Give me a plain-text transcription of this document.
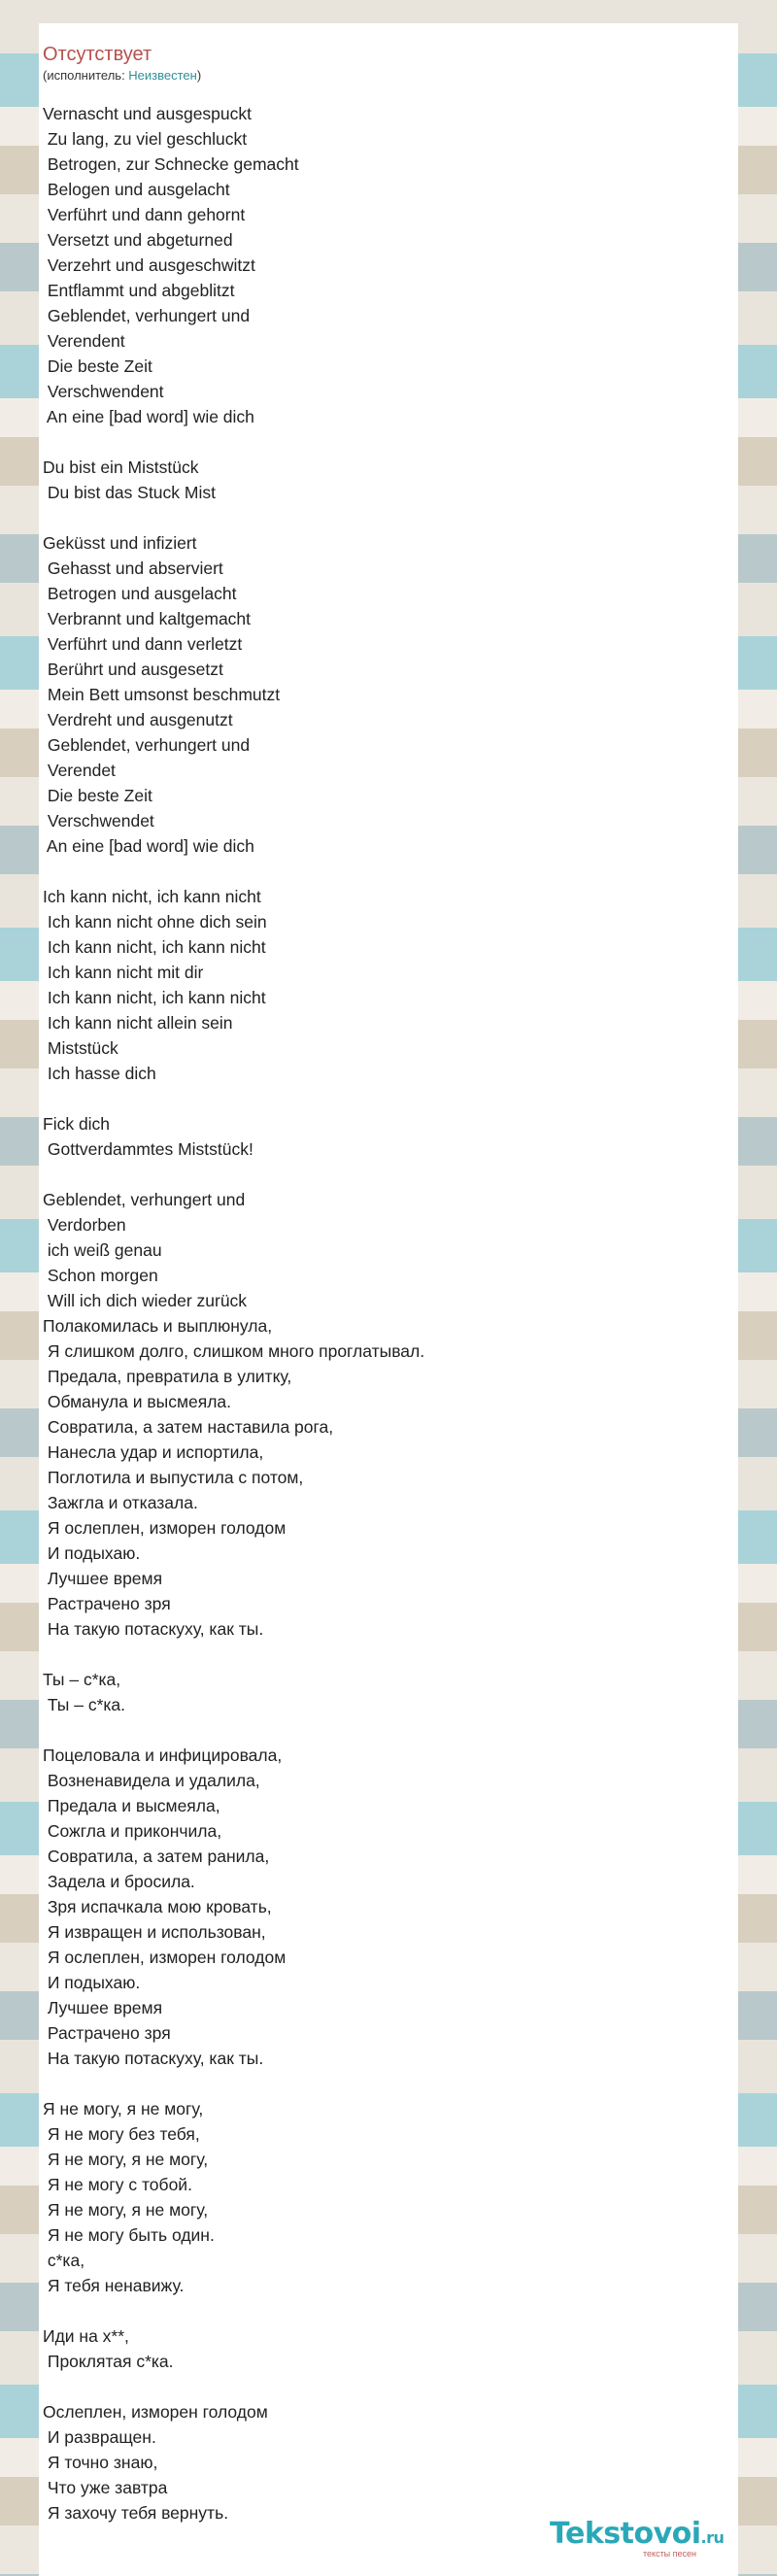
Отсутствует
(исполнитель: Неизвестен)
Vernascht und ausgespuckt
Zu lang, zu viel geschluckt
Betrogen, zur Schnecke gemacht
Belogen und ausgelacht
Verführt und dann gehornt
Versetzt und abgeturned
Verzehrt und ausgeschwitzt
Entflammt und abgeblitzt
Geblendet, verhungert und
Verendent
Die beste Zeit
Verschwendent
An eine [bad word] wie dich
Du bist ein Miststück
Du bist das Stuck Mist
Geküsst und infiziert
Gehasst und abserviert
Betrogen und ausgelacht
Verbrannt und kaltgemacht
Verführt und dann verletzt
Berührt und ausgesetzt
Mein Bett umsonst beschmutzt
Verdreht und ausgenutzt
Geblendet, verhungert und
Verendet
Die beste Zeit
Verschwendet
An eine [bad word] wie dich
Ich kann nicht, ich kann nicht
Ich kann nicht ohne dich sein
Ich kann nicht, ich kann nicht
Ich kann nicht mit dir
Ich kann nicht, ich kann nicht
Ich kann nicht allein sein
Miststück
Ich hasse dich
Fick dich
Gottverdammtes Miststück!
Geblendet, verhungert und
Verdorben
ich weiß genau
Schon morgen
Will ich dich wieder zurück
Полакомилась и выплюнула,
Я слишком долго, слишком много проглатывал.
Предала, превратила в улитку,
Обманула и высмеяла.
Совратила, а затем наставила рога,
Нанесла удар и испортила,
Поглотила и выпустила с потом,
Зажгла и отказала.
Я ослеплен, изморен голодом
И подыхаю.
Лучшее время
Растрачено зря
На такую потаскуху, как ты.
Ты – с*ка,
Ты – с*ка.
Поцеловала и инфицировала,
Возненавидела и удалила,
Предала и высмеяла,
Сожгла и прикончила,
Совратила, а затем ранила,
Задела и бросила.
Зря испачкала мою кровать,
Я извращен и использован,
Я ослеплен, изморен голодом
И подыхаю.
Лучшее время
Растрачено зря
На такую потаскуху, как ты.
Я не могу, я не могу,
Я не могу без тебя,
Я не могу, я не могу,
Я не могу с тобой.
Я не могу, я не могу,
Я не могу быть один.
с*ка,
Я тебя ненавижу.
Иди на х**,
Проклятая с*ка.
Ослеплен, изморен голодом
И развращен.
Я точно знаю,
Что уже завтра
Я захочу тебя вернуть.
Tekstovoi.ru
тексты песен
